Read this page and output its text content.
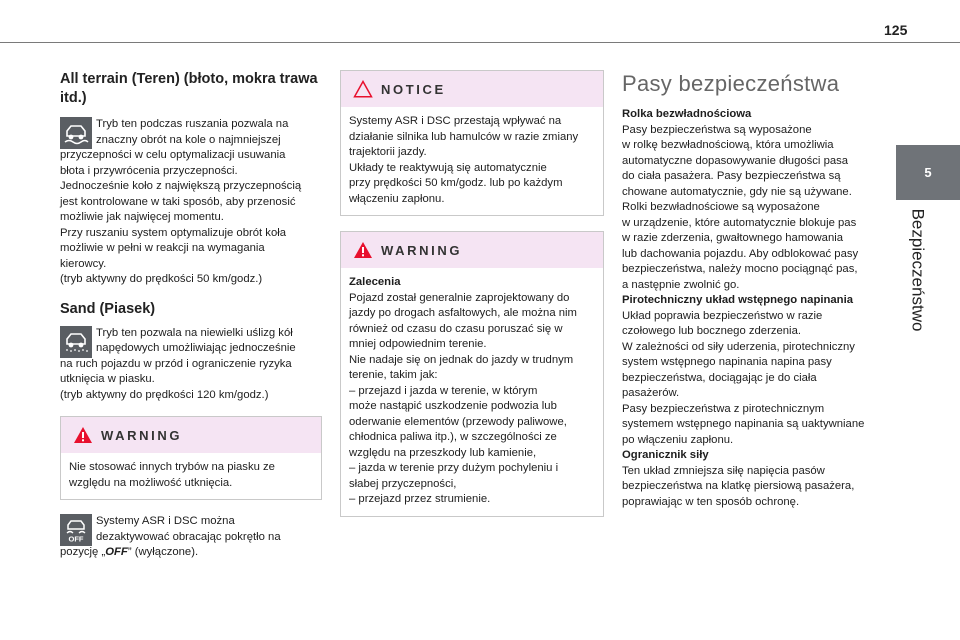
125
5
Bezpieczeństwo
All terrain (Teren) (błoto, mokra trawa
itd.)
Tryb ten podczas ruszania pozwala na
znaczny obrót na kole o najmniejszej
przyczepności w celu optymalizacji usuwania
błota i przywrócenia przyczepności.
Jednocześnie koło z największą przyczepnością
jest kontrolowane w taki sposób, aby przenosić
możliwie jak najwięcej momentu.
Przy ruszaniu system optymalizuje obrót koła
możliwie w pełni w reakcji na wymagania
kierowcy.
(tryb aktywny do prędkości 50 km/godz.)
Sand (Piasek)
Tryb ten pozwala na niewielki uślizg kół
napędowych umożliwiając jednocześnie
na ruch pojazdu w przód i ograniczenie ryzyka
utknięcia w piasku.
(tryb aktywny do prędkości 120 km/godz.)
WARNING
Nie stosować innych trybów na piasku ze
względu na możliwość utknięcia.
OFF
Systemy ASR i DSC można
dezaktywować obracając pokrętło na
pozycję „OFF” (wyłączone).
NOTICE
Systemy ASR i DSC przestają wpływać na
działanie silnika lub hamulców w razie zmiany
trajektorii jazdy.
Układy te reaktywują się automatycznie
przy prędkości 50 km/godz. lub po każdym
włączeniu zapłonu.
WARNING
Zalecenia
Pojazd został generalnie zaprojektowany do
jazdy po drogach asfaltowych, ale można nim
również od czasu do czasu poruszać się w
mniej odpowiednim terenie.
Nie nadaje się on jednak do jazdy w trudnym
terenie, takim jak:
– przejazd i jazda w terenie, w którym
może nastąpić uszkodzenie podwozia lub
oderwanie elementów (przewody paliwowe,
chłodnica paliwa itp.), w szczególności ze
względu na przeszkody lub kamienie,
– jazda w terenie przy dużym pochyleniu i
słabej przyczepności,
– przejazd przez strumienie.
Pasy bezpieczeństwa
Rolka bezwładnościowa
Pasy bezpieczeństwa są wyposażone
w rolkę bezwładnościową, która umożliwia
automatyczne dopasowywanie długości pasa
do ciała pasażera. Pasy bezpieczeństwa są
chowane automatycznie, gdy nie są używane.
Rolki bezwładnościowe są wyposażone
w urządzenie, które automatycznie blokuje pas
w razie zderzenia, gwałtownego hamowania
lub dachowania pojazdu. Aby odblokować pasy
bezpieczeństwa, należy mocno pociągnąć pas,
a następnie zwolnić go.
Pirotechniczny układ wstępnego napinania
Układ poprawia bezpieczeństwo w razie
czołowego lub bocznego zderzenia.
W zależności od siły uderzenia, pirotechniczny
system wstępnego napinania napina pasy
bezpieczeństwa, dociągając je do ciała
pasażerów.
Pasy bezpieczeństwa z pirotechnicznym
systemem wstępnego napinania są uaktywniane
po włączeniu zapłonu.
Ogranicznik siły
Ten układ zmniejsza siłę napięcia pasów
bezpieczeństwa na klatkę piersiową pasażera,
poprawiając w ten sposób ochronę.
